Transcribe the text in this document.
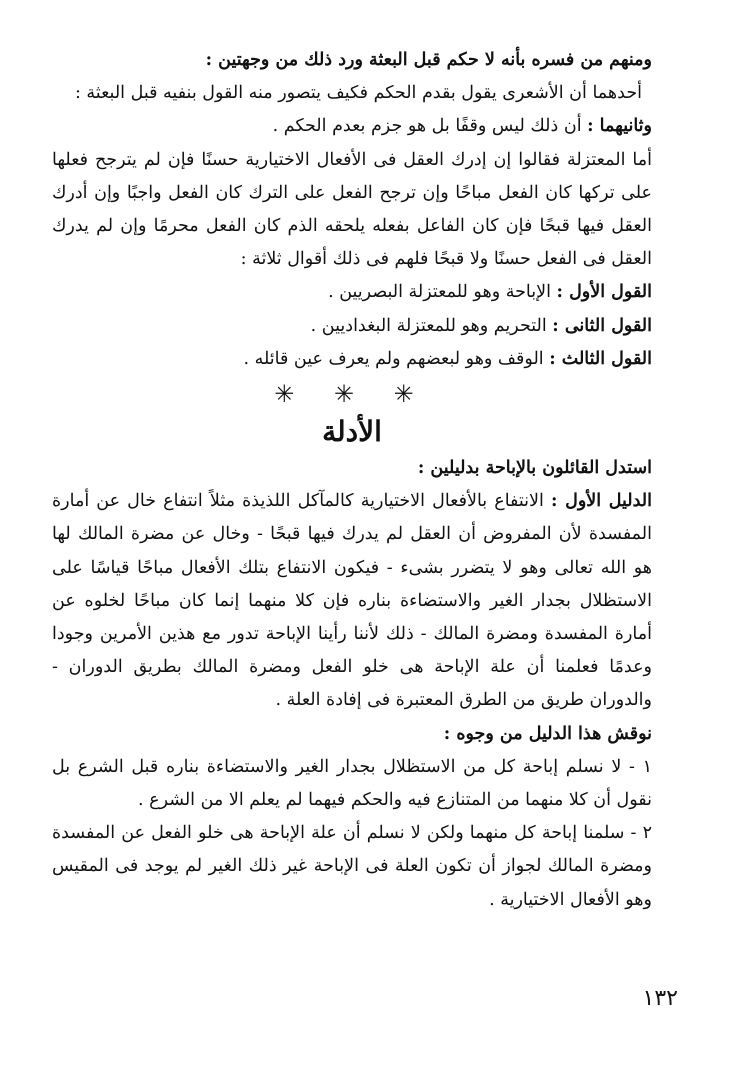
ومنهم من فسره بأنه لا حكم قبل البعثة ورد ذلك من وجهتين :

أحدهما أن الأشعرى يقول بقدم الحكم فكيف يتصور منه القول بنفيه قبل البعثة :

وثانيهما : أن ذلك ليس وقفًا بل هو جزم بعدم الحكم .

أما المعتزلة فقالوا إن إدرك العقل فى الأفعال الاختيارية حسنًا فإن لم يترجح فعلها على تركها كان الفعل مباحًا وإن ترجح الفعل على الترك كان الفعل واجبًا وإن أدرك العقل فيها قبحًا فإن كان الفاعل بفعله يلحقه الذم كان الفعل محرمًا وإن لم يدرك العقل فى الفعل حسنًا ولا قبحًا فلهم فى ذلك أقوال ثلاثة :

القول الأول : الإباحة وهو للمعتزلة البصريين .

القول الثانى : التحريم وهو للمعتزلة البغداديين .

القول الثالث : الوقف وهو لبعضهم ولم يعرف عين قائله .

✳ ✳ ✳

الأدلة

استدل القائلون بالإباحة بدليلين :

الدليل الأول : الانتفاع بالأفعال الاختيارية كالمآكل اللذيذة مثلاً انتفاع خال عن أمارة المفسدة لأن المفروض أن العقل لم يدرك فيها قبحًا - وخال عن مضرة المالك لها هو الله تعالى وهو لا يتضرر بشىء - فيكون الانتفاع بتلك الأفعال مباحًا قياسًا على الاستظلال بجدار الغير والاستضاءة بناره فإن كلا منهما إنما كان مباحًا لخلوه عن أمارة المفسدة ومضرة المالك - ذلك لأننا رأينا الإباحة تدور مع هذين الأمرين وجودا وعدمًا فعلمنا أن علة الإباحة هى خلو الفعل ومضرة المالك بطريق الدوران - والدوران طريق من الطرق المعتبرة فى إفادة العلة .

نوقش هذا الدليل من وجوه :

١ - لا نسلم إباحة كل من الاستظلال بجدار الغير والاستضاءة بناره قبل الشرع بل نقول أن كلا منهما من المتنازع فيه والحكم فيهما لم يعلم الا من الشرع .

٢ - سلمنا إباحة كل منهما ولكن لا نسلم أن علة الإباحة هى خلو الفعل عن المفسدة ومضرة المالك لجواز أن تكون العلة فى الإباحة غير ذلك الغير لم يوجد فى المقيس وهو الأفعال الاختيارية .

١٣٢
